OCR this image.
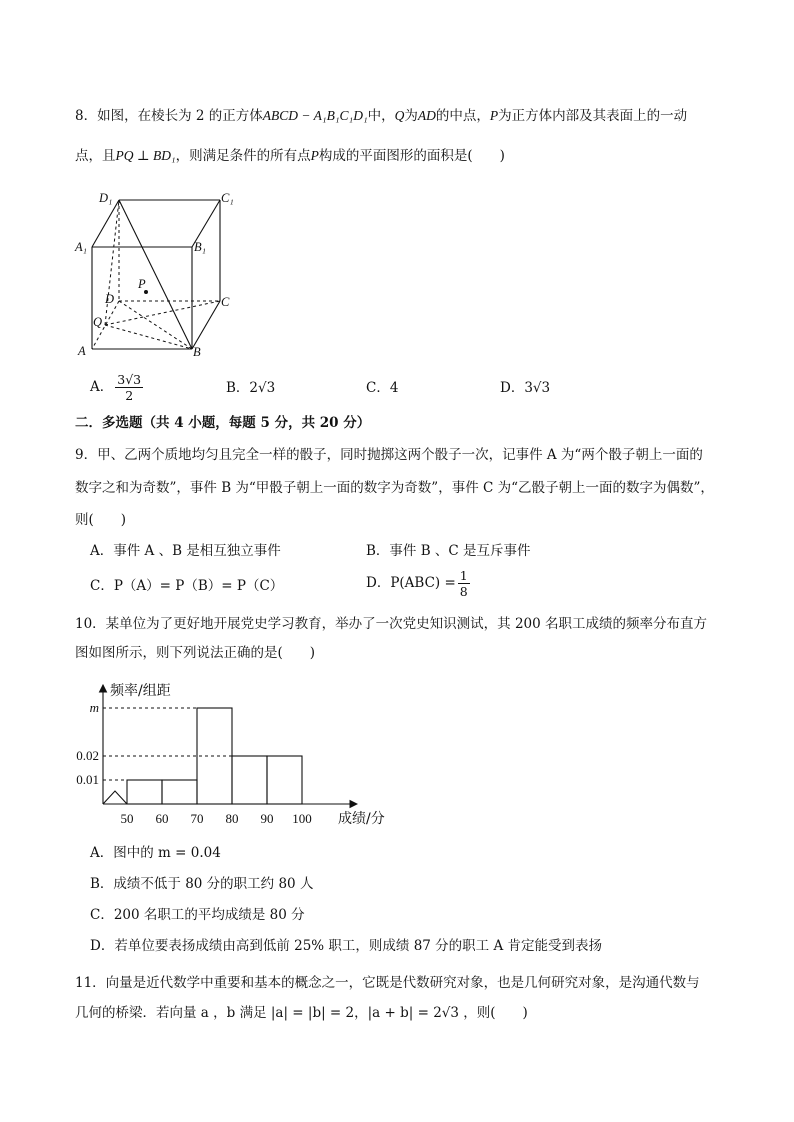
8．如图，在棱长为 2 的正方体ABCD − A₁B₁C₁D₁中，Q为AD的中点，P为正方体内部及其表面上的一动
点，且PQ ⊥ BD₁，则满足条件的所有点P构成的平面图形的面积是(　　)
D₁	C₁
A₁	B₁
D	C
P
Q
A	B
A． $\frac{3√3}{2}$	B．2√3	C．4	D．3√3
二．多选题（共 4 小题，每题 5 分，共 20 分）
9．甲、乙两个质地均匀且完全一样的骰子，同时抛掷这两个骰子一次，记事件 A 为“两个骰子朝上一面的
数字之和为奇数”，事件 B 为“甲骰子朝上一面的数字为奇数”，事件 C 为“乙骰子朝上一面的数字为偶数”，
则(　　)
A．事件 A 、B 是相互独立事件	B．事件 B 、C 是互斥事件
C．P（A）= P（B）= P（C）	D．$P(ABC) = \frac{1}{8}$
10．某单位为了更好地开展党史学习教育，举办了一次党史知识测试，其 200 名职工成绩的频率分布直方
图如图所示，则下列说法正确的是(　　)
0.01
m
0.02
50 60 70 80 90 100
频率/组距
成绩/分
A．图中的 m = 0.04
B．成绩不低于 80 分的职工约 80 人
C．200 名职工的平均成绩是 80 分
D．若单位要表扬成绩由高到低前 25% 职工，则成绩 87 分的职工 A 肯定能受到表扬
11．向量是近代数学中重要和基本的概念之一，它既是代数研究对象，也是几何研究对象，是沟通代数与
几何的桥梁．若向量 a ，b 满足 |a| = |b| = 2，|a + b| = 2√3 ，则(　　)
